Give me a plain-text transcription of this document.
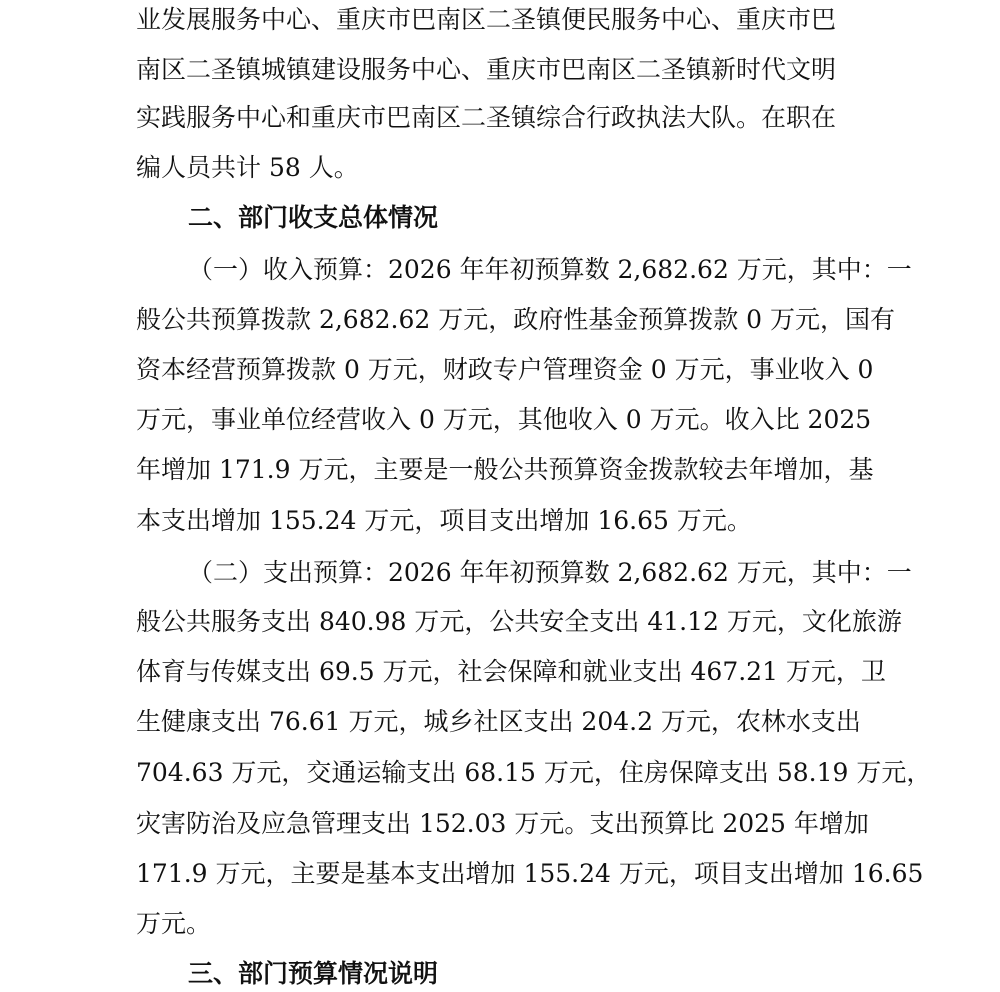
业发展服务中心、重庆市巴南区二圣镇便民服务中心、重庆市巴

南区二圣镇城镇建设服务中心、重庆市巴南区二圣镇新时代文明

实践服务中心和重庆市巴南区二圣镇综合行政执法大队。在职在

编人员共计 58 人。

二、部门收支总体情况

（一）收入预算：2026 年年初预算数 2,682.62 万元，其中：一

般公共预算拨款 2,682.62 万元，政府性基金预算拨款 0 万元，国有

资本经营预算拨款 0 万元，财政专户管理资金 0 万元，事业收入 0

万元，事业单位经营收入 0 万元，其他收入 0 万元。收入比 2025

年增加 171.9 万元，主要是一般公共预算资金拨款较去年增加，基

本支出增加 155.24 万元，项目支出增加 16.65 万元。

（二）支出预算：2026 年年初预算数 2,682.62 万元，其中：一

般公共服务支出 840.98 万元，公共安全支出 41.12 万元，文化旅游

体育与传媒支出 69.5 万元，社会保障和就业支出 467.21 万元，卫

生健康支出 76.61 万元，城乡社区支出 204.2 万元，农林水支出

704.63 万元，交通运输支出 68.15 万元，住房保障支出 58.19 万元，

灾害防治及应急管理支出 152.03 万元。支出预算比 2025 年增加

171.9 万元，主要是基本支出增加 155.24 万元，项目支出增加 16.65

万元。

三、部门预算情况说明
